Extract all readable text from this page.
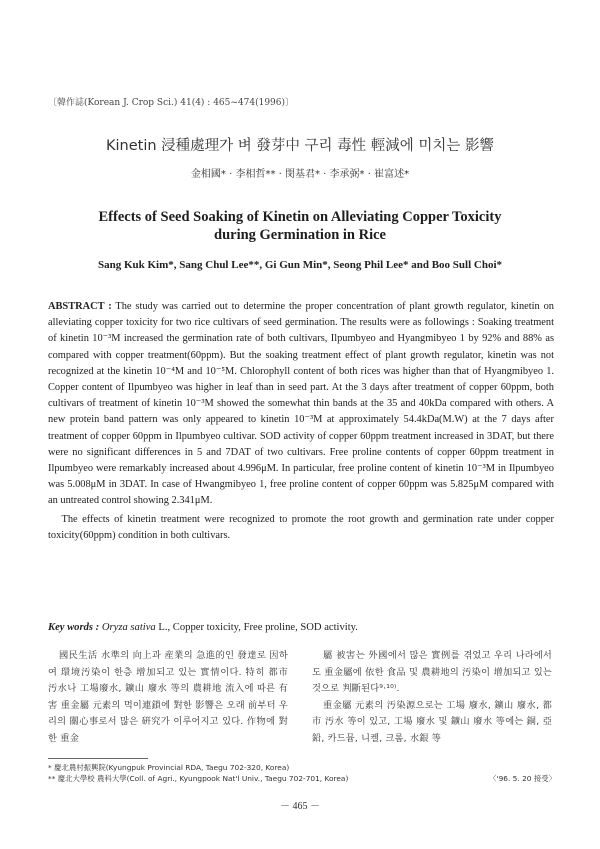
〔韓作誌(Korean J. Crop Sci.) 41(4) : 465~474(1996)〕
Kinetin 浸種處理가 벼 發芽中 구리 毒性 輕減에 미치는 影響
金相國* · 李相哲** · 閔基君* · 李承弼* · 崔富述*
Effects of Seed Soaking of Kinetin on Alleviating Copper Toxicity
during Germination in Rice
Sang Kuk Kim*, Sang Chul Lee**, Gi Gun Min*, Seong Phil Lee* and Boo Sull Choi*

ABSTRACT : The study was carried out to determine the proper concentration of plant growth regulator, kinetin on alleviating copper toxicity for two rice cultivars of seed germination. The results were as followings : Soaking treatment of kinetin 10⁻³M increased the germination rate of both cultivars, Ilpumbyeo and Hyangmibyeo 1 by 92% and 88% as compared with copper treatment(60ppm). But the soaking treatment effect of plant growth regulator, kinetin was not recognized at the kinetin 10⁻⁴M and 10⁻⁵M. Chlorophyll content of both rices was higher than that of Hyangmibyeo 1. Copper content of Ilpumbyeo was higher in leaf than in seed part. At the 3 days after treatment of copper 60ppm, both cultivars of treatment of kinetin 10⁻³M showed the somewhat thin bands at the 35 and 40kDa compared with others. A new protein band pattern was only appeared to kinetin 10⁻³M at approximately 54.4kDa(M.W) at the 7 days after treatment of copper 60ppm in Ilpumbyeo cultivar. SOD activity of copper 60ppm treatment increased in 3DAT, but there were no significant differences in 5 and 7DAT of two cultivars. Free proline contents of copper 60ppm treatment in Ilpumbyeo were remarkably increased about 4.996μM. In particular, free proline content of kinetin 10⁻³M in Ilpumbyeo was 5.008μM in 3DAT. In case of Hwangmibyeo 1, free proline content of copper 60ppm was 5.825μM compared with an untreated control showing 2.341μM.

The effects of kinetin treatment were recognized to promote the root growth and germination rate under copper toxicity(60ppm) condition in both cultivars.

Key words : Oryza sativa L., Copper toxicity, Free proline, SOD activity.

國民生活 水準의 向上과 産業의 急進的인 發達로 因하여 環境汚染이 한층 增加되고 있는 實情이다. 特히 都市 汚水나 工場廢水, 鑛山 廢水 等의 農耕地 流入에 따른 有害 重金屬 元素의 먹이連鎖에 對한 影響은 오래 前부터 우리의 關心事로서 많은 硏究가 이루어지고 있다. 作物에 對한 重金

屬 被害는 外國에서 많은 實例를 겪었고 우리 나라에서도 重金屬에 依한 食品 및 農耕地의 汚染이 增加되고 있는 것으로 判斷된다⁹·¹⁰⁾.

重金屬 元素의 汚染源으로는 工場 廢水, 鑛山 廢水, 都市 汚水 等이 있고, 工場 廢水 및 鑛山 廢水 等에는 銅, 亞鉛, 카드뮴, 니켈, 크롬, 水銀 等

* 慶北農村振興院(Kyungpuk Provincial RDA, Taegu 702-320, Korea)
** 慶北大學校 農科大學(Coll. of Agri., Kyungpook Nat'l Univ., Taegu 702-701, Korea)	〈'96. 5. 20 接受〉
－ 465 －
